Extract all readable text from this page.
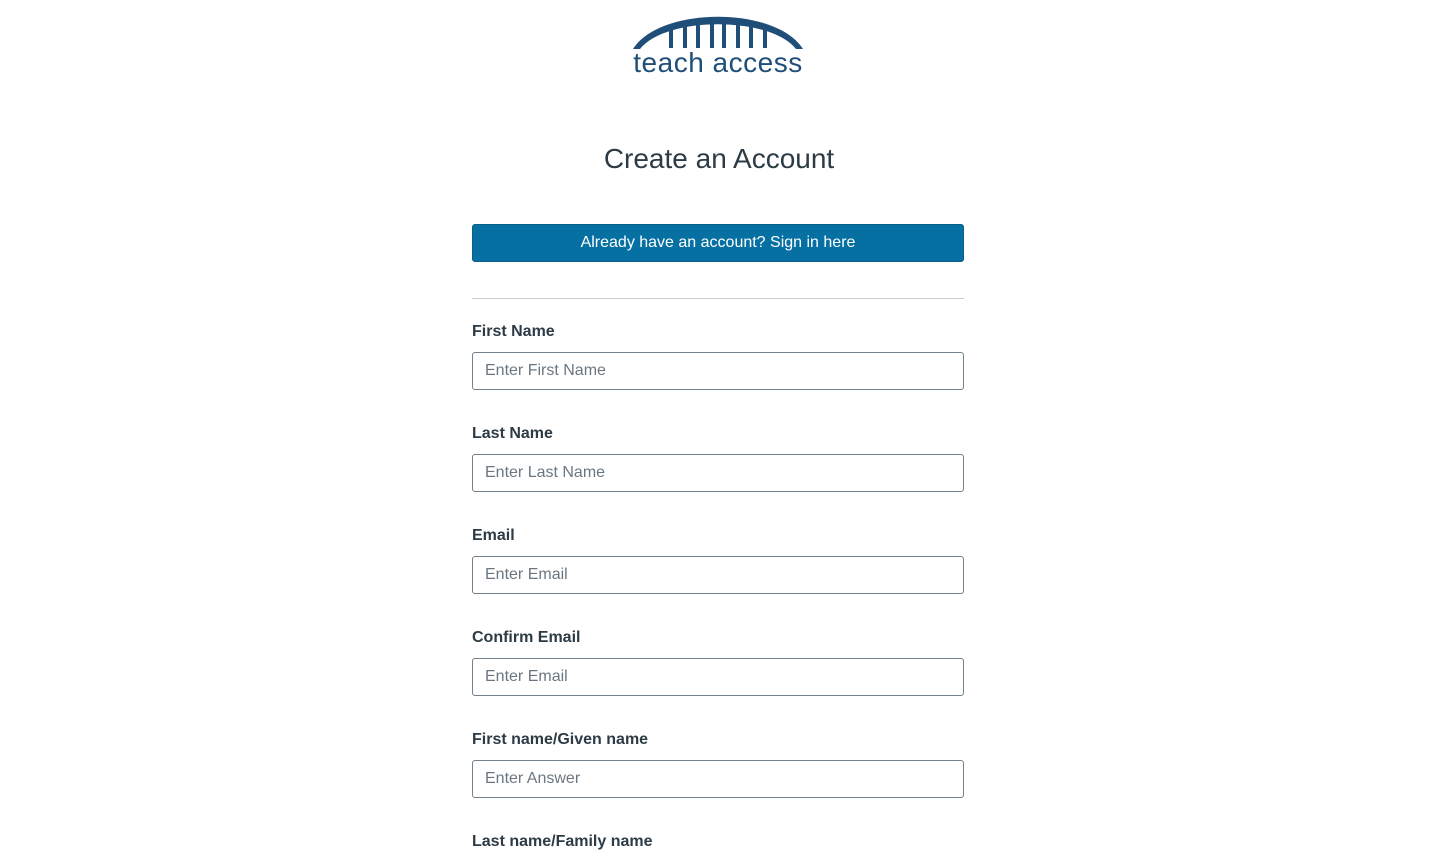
teach access
Create an Account
Already have an account? Sign in here
First Name
Enter First Name
Last Name
Enter Last Name
Email
Enter Email
Confirm Email
Enter Email
First name/Given name
Enter Answer
Last name/Family name
